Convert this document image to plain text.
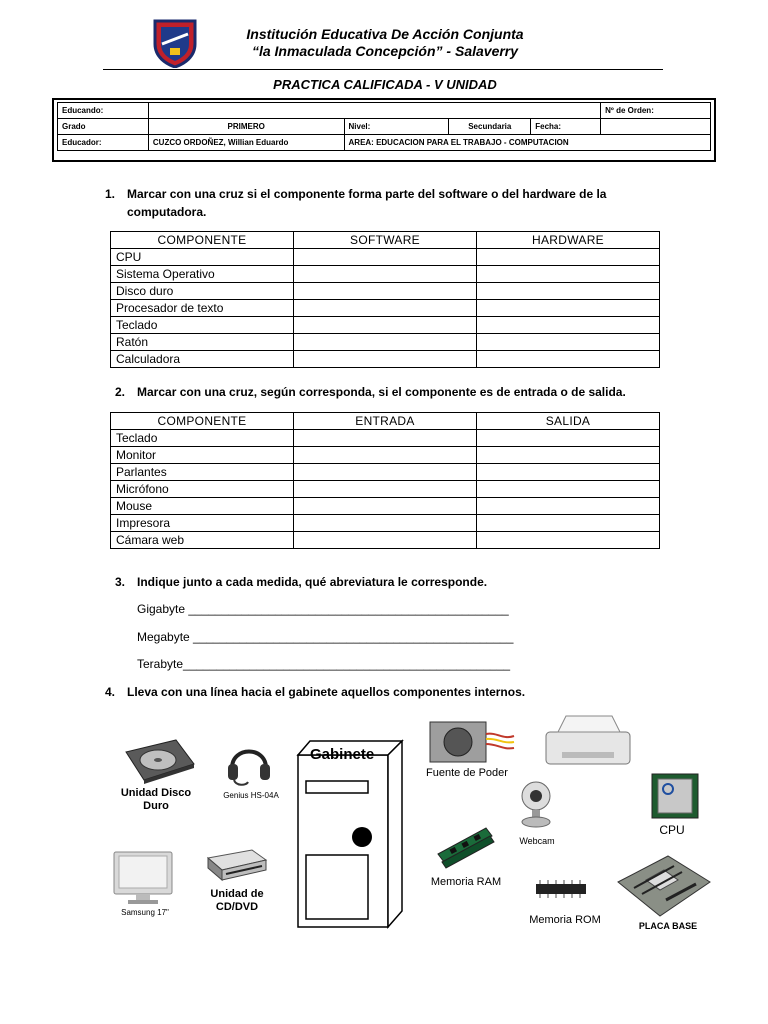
Institución Educativa De Acción Conjunta
“la Inmaculada Concepción” - Salaverry
PRACTICA CALIFICADA - V UNIDAD
Educando:					Nº de Orden:
Grado	PRIMERO	Nivel:	Secundaria	Fecha:	
Educador:	CUZCO ORDOÑEZ, Willian Eduardo	AREA: EDUCACION PARA EL TRABAJO - COMPUTACION			
1. Marcar con una cruz si el componente forma parte del software o del hardware de la
computadora.
COMPONENTE	SOFTWARE	HARDWARE
CPU		
Sistema Operativo		
Disco duro		
Procesador de texto		
Teclado		
Ratón		
Calculadora		
2. Marcar con una cruz, según corresponda, si el componente es de entrada o de salida.
COMPONENTE	ENTRADA	SALIDA
Teclado		
Monitor		
Parlantes		
Micrófono		
Mouse		
Impresora		
Cámara web		
3. Indique junto a cada medida, qué abreviatura le corresponde.
Gigabyte ________________________________________________
Megabyte ________________________________________________
Terabyte_________________________________________________
4. Lleva con una línea hacia el gabinete aquellos componentes internos.
Unidad Disco Duro
Genius HS-04A
Samsung 17"
Unidad de CD/DVD
Gabinete
Fuente de Poder
Webcam
CPU
Memoria RAM
Memoria ROM	PLACA BASE
